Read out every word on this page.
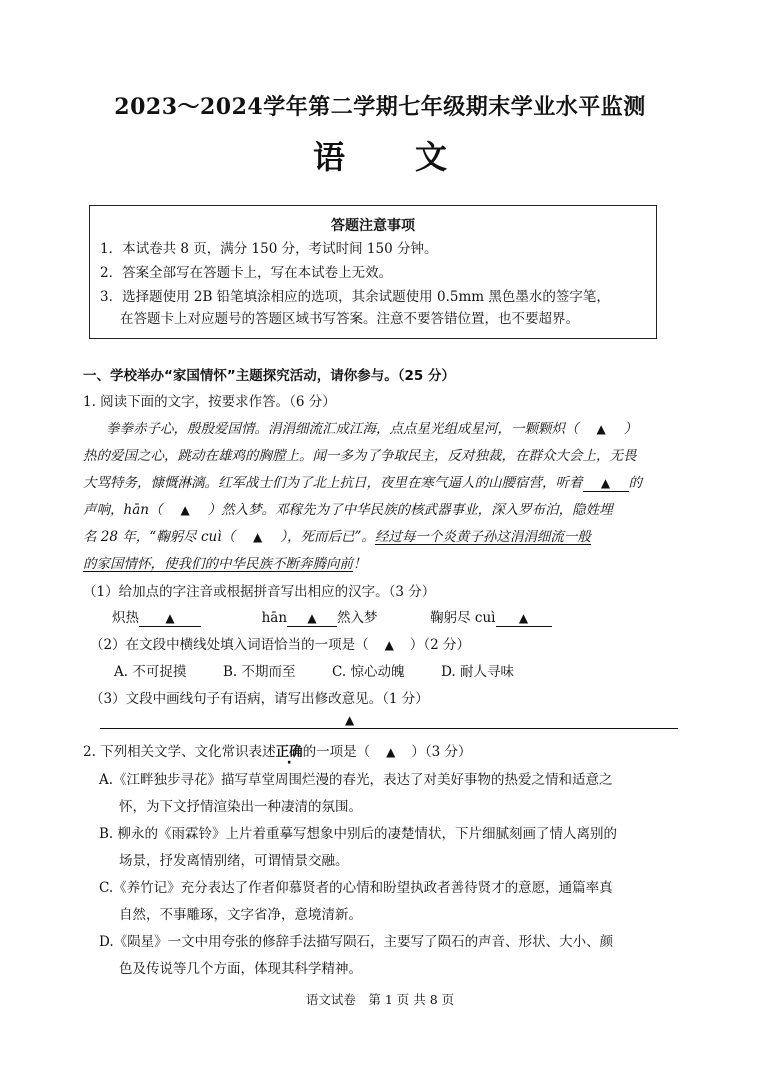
2023～2024学年第二学期七年级期末学业水平监测
语文
答题注意事项
1．本试卷共 8 页，满分 150 分，考试时间 150 分钟。
2．答案全部写在答题卡上，写在本试卷上无效。
3．选择题使用 2B 铅笔填涂相应的选项，其余试题使用 0.5mm 黑色墨水的签字笔，
在答题卡上对应题号的答题区域书写答案。注意不要答错位置，也不要超界。
一、学校举办“家国情怀”主题探究活动，请你参与。（25 分）
1. 阅读下面的文字，按要求作答。（6 分）
拳拳赤子心，殷殷爱国情。涓涓细流汇成江海，点点星光组成星河，一颗颗炽（ ▲ ）
热的爱国之心，跳动在雄鸡的胸膛上。闻一多为了争取民主，反对独裁，在群众大会上，无畏
大骂特务，慷慨淋漓。红军战士们为了北上抗日，夜里在寒气逼人的山腰宿营，听着 ▲ 的
声响，hān（ ▲ ）然入梦。邓稼先为了中华民族的核武器事业，深入罗布泊，隐姓埋
名 28 年，“鞠躬尽 cuì（ ▲ ），死而后已”。经过每一个炎黄子孙这涓涓细流一般
的家国情怀，使我们的中华民族不断奔腾向前！
（1）给加点的字注音或根据拼音写出相应的汉字。（3 分）
炽热 ▲	hān ▲ 然入梦	鞠躬尽 cuì ▲
（2）在文段中横线处填入词语恰当的一项是（ ▲ ）（2 分）
A. 不可捉摸	B. 不期而至	C. 惊心动魄	D. 耐人寻味
（3）文段中画线句子有语病，请写出修改意见。（1 分）
▲
2. 下列相关文学、文化常识表述正确的一项是（ ▲ ）（3 分）
A.《江畔独步寻花》描写草堂周围烂漫的春光，表达了对美好事物的热爱之情和适意之
怀，为下文抒情渲染出一种凄清的氛围。
B. 柳永的《雨霖铃》上片着重摹写想象中别后的凄楚情状，下片细腻刻画了情人离别的
场景，抒发离情别绪，可谓情景交融。
C.《养竹记》充分表达了作者仰慕贤者的心情和盼望执政者善待贤才的意愿，通篇率真
自然，不事雕琢，文字省净，意境清新。
D.《陨星》一文中用夸张的修辞手法描写陨石，主要写了陨石的声音、形状、大小、颜
色及传说等几个方面，体现其科学精神。
语文试卷　第 1 页 共 8 页
